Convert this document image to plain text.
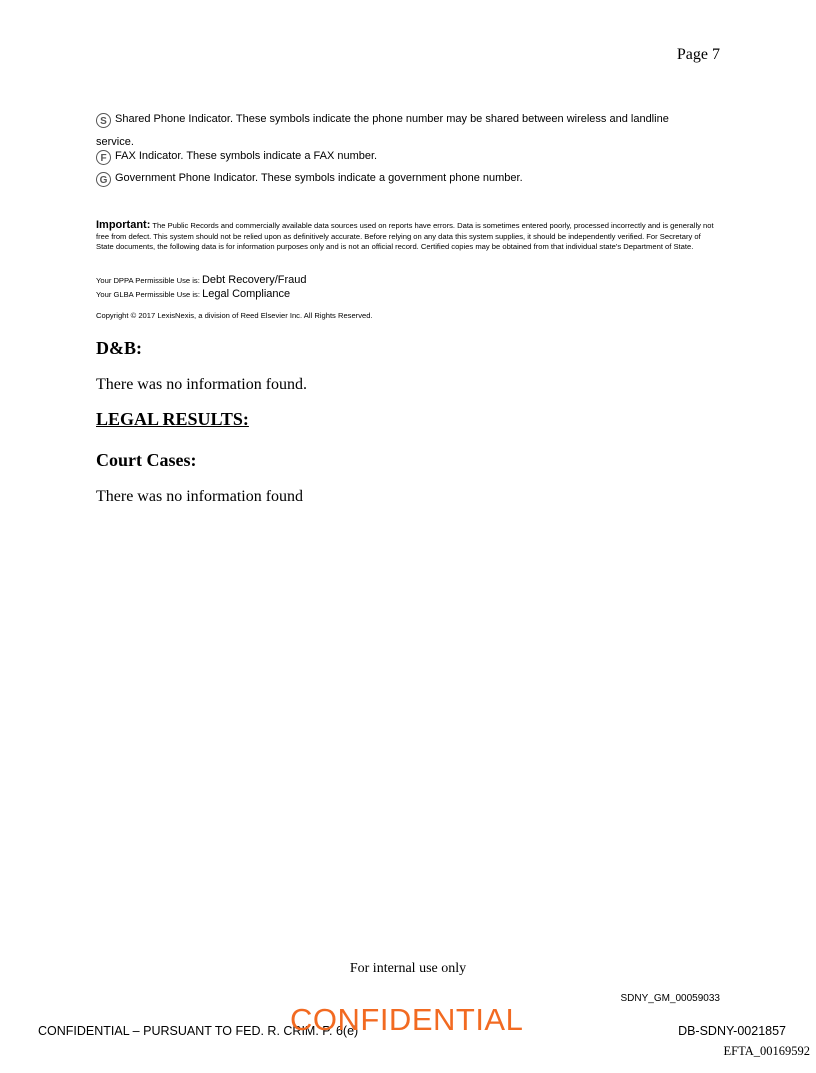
Page 7
S Shared Phone Indicator. These symbols indicate the phone number may be shared between wireless and landline
service.
F FAX Indicator. These symbols indicate a FAX number.
G Government Phone Indicator. These symbols indicate a government phone number.
Important: The Public Records and commercially available data sources used on reports have errors. Data is sometimes entered poorly, processed incorrectly and is generally not free from defect. This system should not be relied upon as definitively accurate. Before relying on any data this system supplies, it should be independently verified. For Secretary of State documents, the following data is for information purposes only and is not an official record. Certified copies may be obtained from that individual state's Department of State.
Your DPPA Permissible Use is: Debt Recovery/Fraud
Your GLBA Permissible Use is: Legal Compliance
Copyright © 2017 LexisNexis, a division of Reed Elsevier Inc. All Rights Reserved.
D&B:
There was no information found.
LEGAL RESULTS:
Court Cases:
There was no information found
For internal use only
SDNY_GM_00059033
CONFIDENTIAL – PURSUANT TO FED. R. CRIM. P. 6(e)
CONFIDENTIAL	DB-SDNY-0021857
EFTA_00169592
